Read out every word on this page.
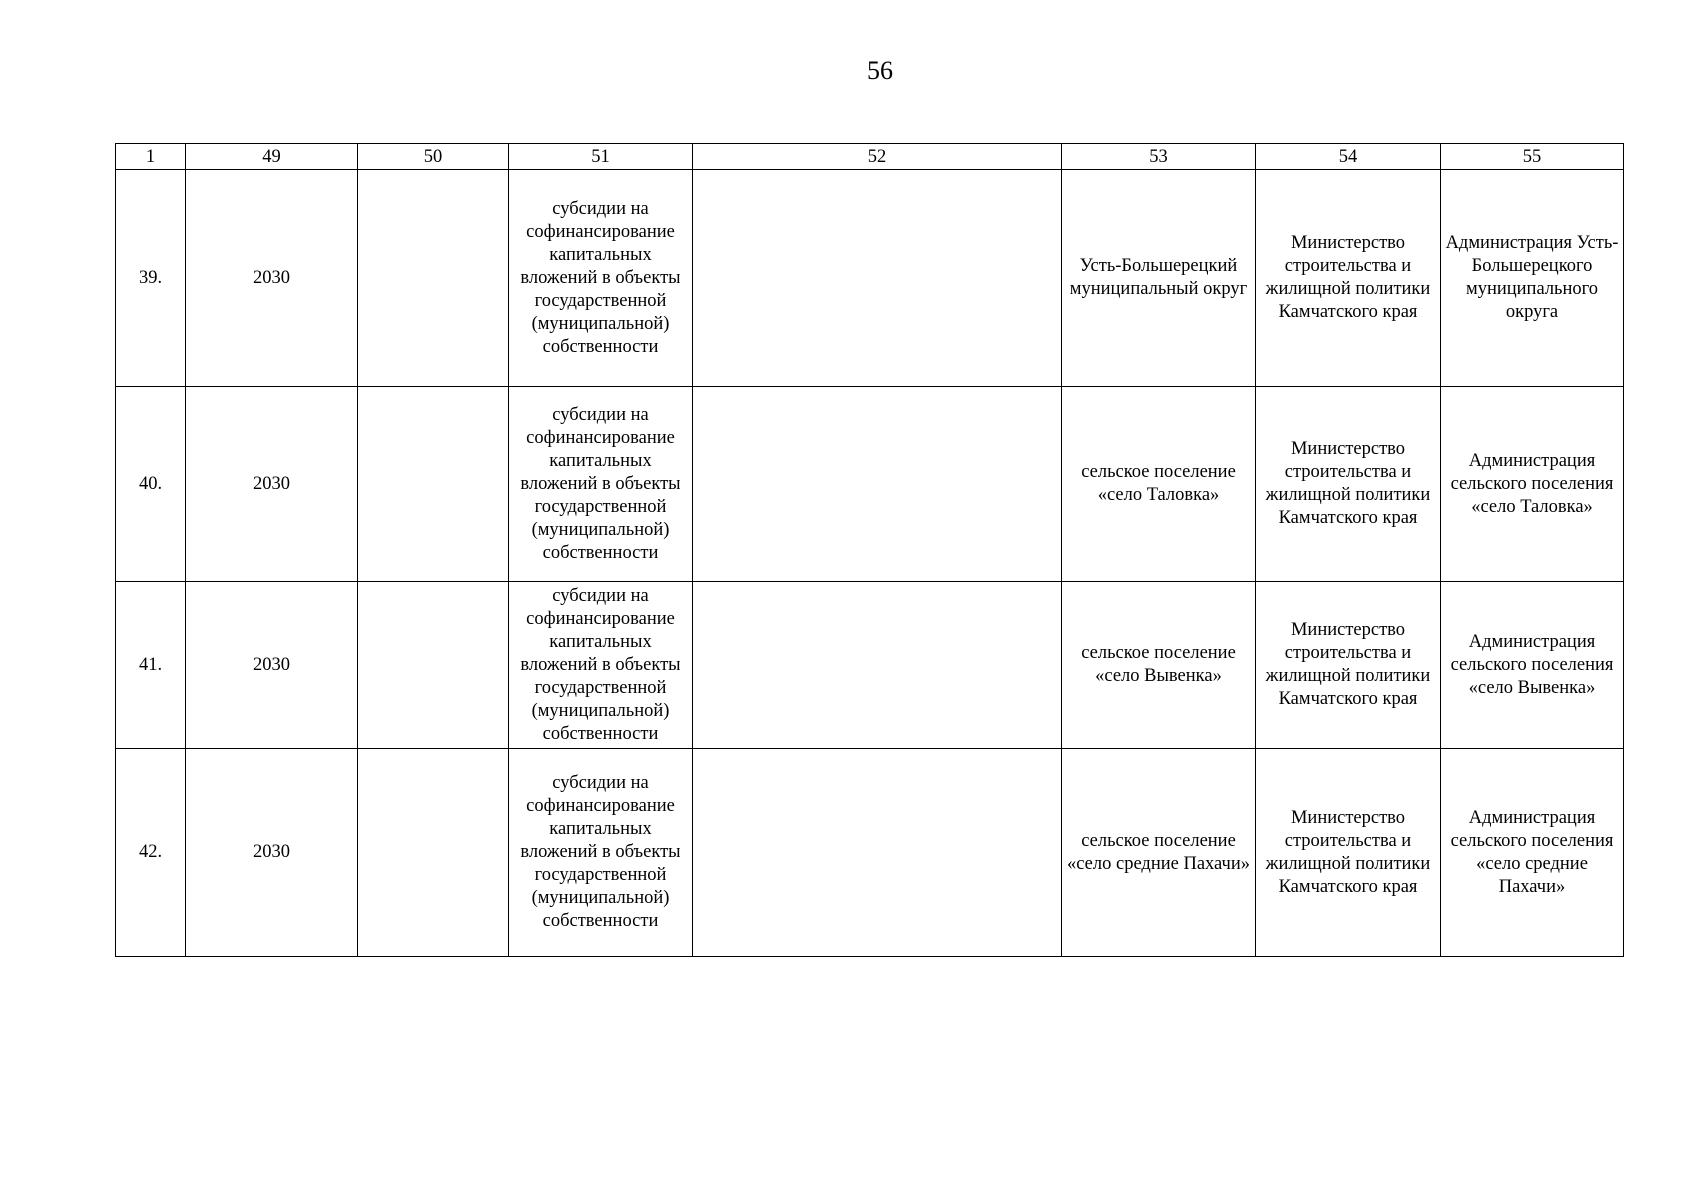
56
1	49	50	51	52	53	54	55
39.	2030		субсидии на софинансирование капитальных вложений в объекты государственной (муниципальной) собственности		Усть-Большерецкий муниципальный округ	Министерство строительства и жилищной политики Камчатского края	Администрация Усть-Большерецкого муниципального округа
40.	2030		субсидии на софинансирование капитальных вложений в объекты государственной (муниципальной) собственности		сельское поселение «село Таловка»	Министерство строительства и жилищной политики Камчатского края	Администрация сельского поселения «село Таловка»
41.	2030		субсидии на софинансирование капитальных вложений в объекты государственной (муниципальной) собственности		сельское поселение «село Вывенка»	Министерство строительства и жилищной политики Камчатского края	Администрация сельского поселения «село Вывенка»
42.	2030		субсидии на софинансирование капитальных вложений в объекты государственной (муниципальной) собственности		сельское поселение «село средние Пахачи»	Министерство строительства и жилищной политики Камчатского края	Администрация сельского поселения «село средние Пахачи»
